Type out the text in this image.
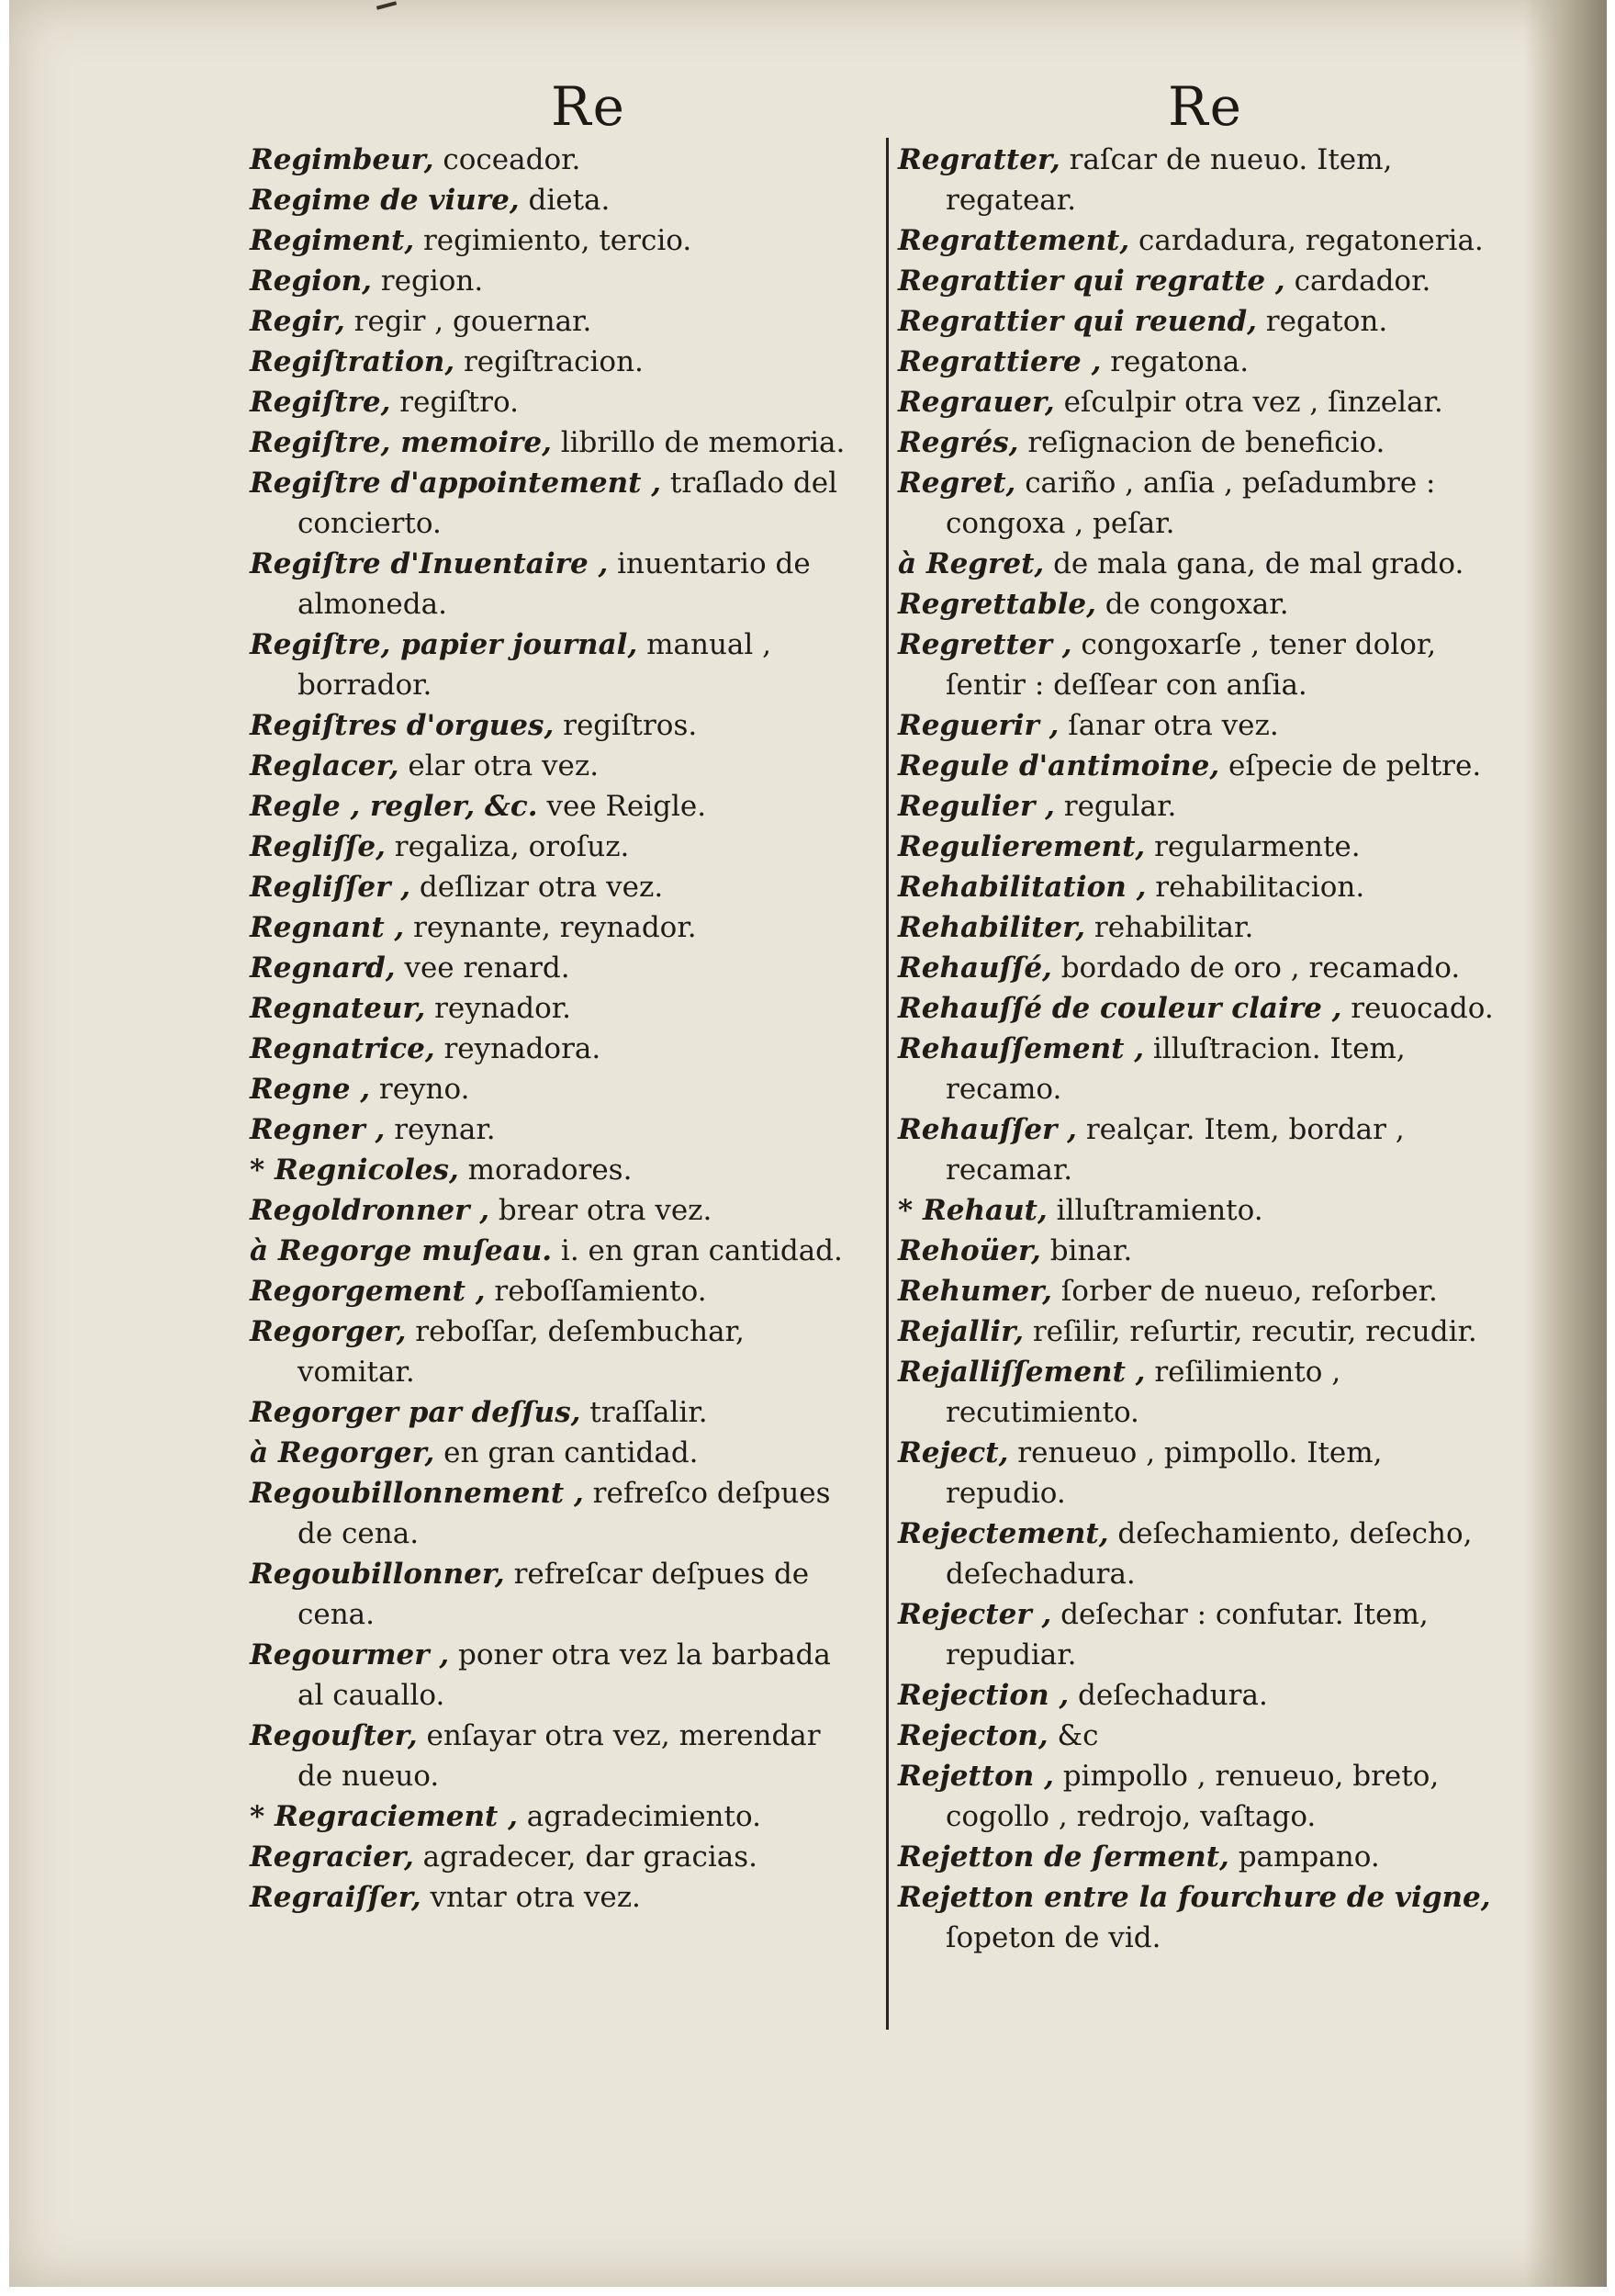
Re	Re
Regimbeur, coceador.
Regime de viure, dieta.
Regiment, regimiento, tercio.
Region, region.
Regir, regir , gouernar.
Regiſtration, regiſtracion.
Regiſtre, regiſtro.
Regiſtre, memoire, librillo de memoria.
Regiſtre d'appointement , traſlado del concierto.
Regiſtre d'Inuentaire , inuentario de almoneda.
Regiſtre, papier journal, manual , borrador.
Regiſtres d'orgues, regiſtros.
Reglacer, elar otra vez.
Regle , regler, &c. vee Reigle.
Regliſſe, regaliza, oroſuz.
Regliſſer , deſlizar otra vez.
Regnant , reynante, reynador.
Regnard, vee renard.
Regnateur, reynador.
Regnatrice, reynadora.
Regne , reyno.
Regner , reynar.
* Regnicoles, moradores.
Regoldronner , brear otra vez.
à Regorge muſeau. i. en gran cantidad.
Regorgement , reboſſamiento.
Regorger, reboſſar, deſembuchar, vomitar.
Regorger par deſſus, traſſalir.
à Regorger, en gran cantidad.
Regoubillonnement , refreſco deſpues de cena.
Regoubillonner, refreſcar deſpues de cena.
Regourmer , poner otra vez la barbada al cauallo.
Regouſter, enſayar otra vez, merendar de nueuo.
* Regraciement , agradecimiento.
Regracier, agradecer, dar gracias.
Regraiſſer, vntar otra vez.
Regratter, raſcar de nueuo. Item, regatear.
Regrattement, cardadura, regatoneria.
Regrattier qui regratte , cardador.
Regrattier qui reuend, regaton.
Regrattiere , regatona.
Regrauer, eſculpir otra vez , ſinzelar.
Regrés, reſignacion de beneficio.
Regret, cariño , anſia , peſadumbre : congoxa , peſar.
à Regret, de mala gana, de mal grado.
Regrettable, de congoxar.
Regretter , congoxarſe , tener dolor, ſentir : deſſear con anſia.
Reguerir , ſanar otra vez.
Regule d'antimoine, eſpecie de peltre.
Regulier , regular.
Regulierement, regularmente.
Rehabilitation , rehabilitacion.
Rehabiliter, rehabilitar.
Rehauſſé, bordado de oro , recamado.
Rehauſſé de couleur claire , reuocado.
Rehauſſement , illuſtracion. Item, recamo.
Rehauſſer , realçar. Item, bordar , recamar.
* Rehaut, illuſtramiento.
Rehoüer, binar.
Rehumer, ſorber de nueuo, reſorber.
Rejallir, reſilir, reſurtir, recutir, recudir.
Rejalliſſement , reſilimiento , recutimiento.
Reject, renueuo , pimpollo. Item, repudio.
Rejectement, deſechamiento, deſecho, deſechadura.
Rejecter , deſechar : confutar. Item, repudiar.
Rejection , deſechadura.
Rejecton, &c
Rejetton , pimpollo , renueuo, breto, cogollo , redrojo, vaſtago.
Rejetton de ſerment, pampano.
Rejetton entre la fourchure de vigne, ſopeton de vid.
